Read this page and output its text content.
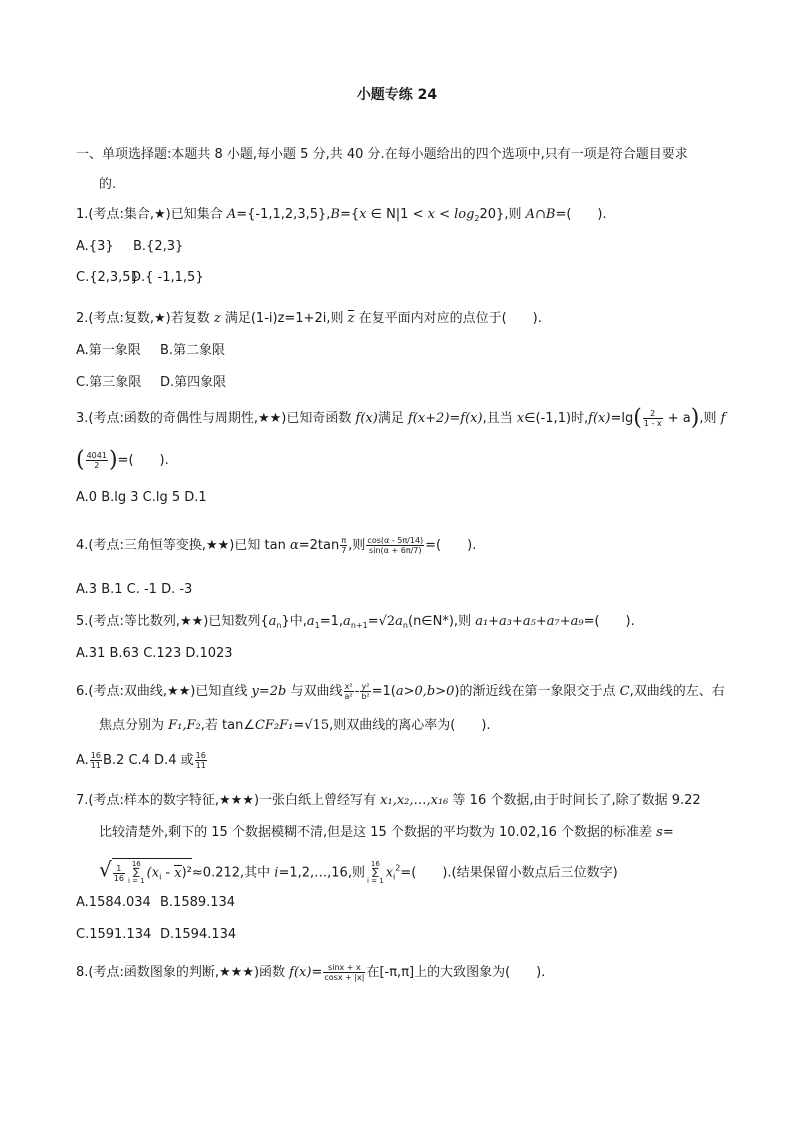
小题专练 24
一、单项选择题:本题共 8 小题,每小题 5 分,共 40 分.在每小题给出的四个选项中,只有一项是符合题目要求
的.
1.(考点:集合,★)已知集合 A={-1,1,2,3,5},B={x ∈ $N|1 < x < \log_220$},则 A∩B=(　　).
A.{3} B.{2,3}
C.{2,3,5}
D.{ -1,1,5}
2.(考点:复数,★)若复数 z 满足(1-i)z=1+2i,则 z 在复平面内对应的点位于(　　).
A.第一象限 B.第二象限
C.第三象限 D.第四象限
3.(考点:函数的奇偶性与周期性,★★)已知奇函数 f(x)满足 f(x+2)=f(x),且当 x∈(-1,1)时$,f(x)=\lg( \frac{2}{1 - x} + a)$,则 f
( $\frac{4041}{2}$ )=(　　).
A.0 B.lg 3 C.lg 5 D.1
4.(考点:三角恒等变换,★★)已知 $\tan \alpha=2\tan \frac{\pi}{7}$ ,则 $\frac{\cos(\alpha - 5\pi/14)}{\sin(\alpha + 6\pi/7)}$ =(　　).
A.3 B.1 C. -1 D. -3
5.(考点:等比数列,★★)已知数列$\{a_n\}$中$,a_1=1,a_{n+1}=√2a_n(n\in N*)$,则 a₁+a₃+a₅+a₇+a₉=(　　).
A.31 B.63 C.123 D.1023
6.(考点:双曲线,★★)已知直线 y=2b 与双曲线 $\frac{\text{x²}}{\text{a²}} - \frac{\text{y²}}{\text{b²}} =1(a>0,b>0)$的渐近线在第一象限交于点 C,双曲线的左、右
焦点分别为 F₁,F₂,若 tan∠CF₂F₁=√15,则双曲线的离心率为(　　).
A. $\frac{16}{11} B.2$ C.4 D.4 或 $\frac{16}{11}$
7.(考点:样本的数字特征,★★★)一张白纸上曾经写有 x₁,x₂,…,x₁₆ 等 16 个数据,由于时间长了,除了数据 9.22
比较清楚外,剩下的 15 个数据模糊不清,但是这 15 个数据的平均数为 10.02,16 个数据的标准差 s=
√ $\frac{1}{16} 16$
∑
i = 1
$(x_i - x)^2\approx 0.212$,其中 i=1,2,…,16,则
16
∑
i = 1
$x_i^2=$(　　).(结果保留小数点后三位数字)
A.1584.034 B.1589.134
C.1591.134 D.1594.134
8.(考点:函数图象的判断,★★★)函数 $f(x)= \frac{\sin x + x}{\cos x + |x|}$ 在[-π,π]上的大致图象为(　　).
